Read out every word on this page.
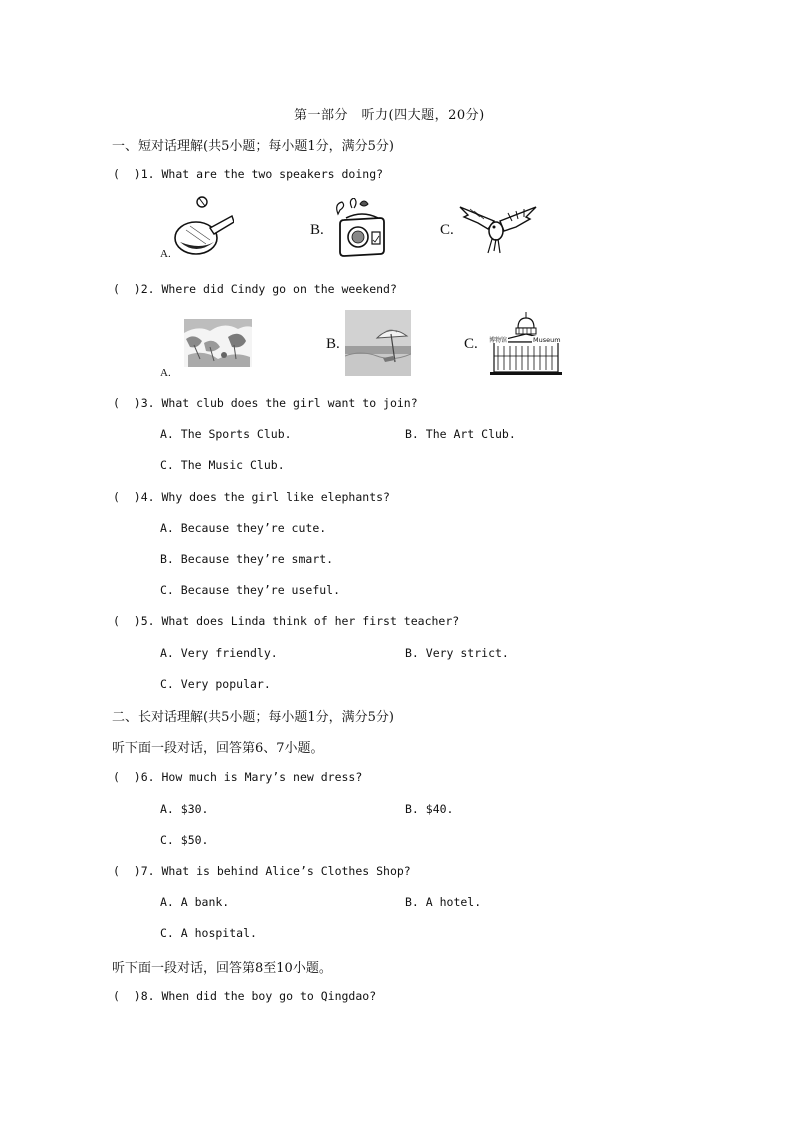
第一部分　听力(四大题，20分)
一、短对话理解(共5小题；每小题1分，满分5分)
(  )1. What are the two speakers doing?
A.
B.	C.
(  )2. Where did Cindy go on the weekend?
A.
B.	C. 博物馆	Museum
(  )3. What club does the girl want to join?
A. The Sports Club.	B. The Art Club.
C. The Music Club.
(  )4. Why does the girl like elephants?
A. Because they’re cute.
B. Because they’re smart.
C. Because they’re useful.
(  )5. What does Linda think of her first teacher?
A. Very friendly.	B. Very strict.
C. Very popular.
二、长对话理解(共5小题；每小题1分，满分5分)
听下面一段对话，回答第6、7小题。
(  )6. How much is Mary’s new dress?
A. $30.	B. $40.
C. $50.
(  )7. What is behind Alice’s Clothes Shop?
A. A bank.	B. A hotel.
C. A hospital.
听下面一段对话，回答第8至10小题。
(  )8. When did the boy go to Qingdao?
